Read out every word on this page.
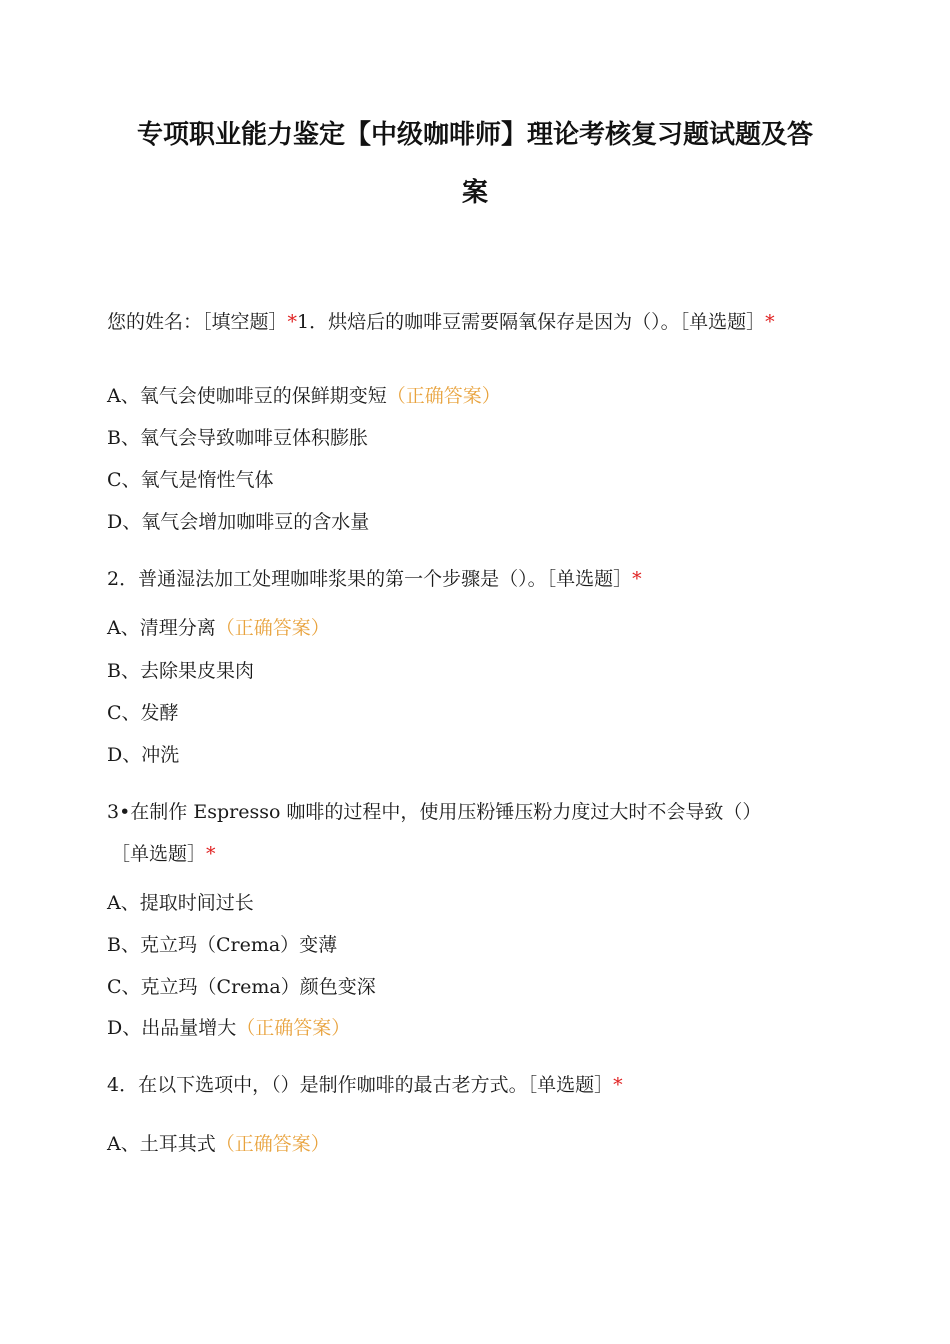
专项职业能力鉴定【中级咖啡师】理论考核复习题试题及答
案
您的姓名：［填空题］*1．烘焙后的咖啡豆需要隔氧保存是因为（）。［单选题］*
A、氧气会使咖啡豆的保鲜期变短（正确答案）
B、氧气会导致咖啡豆体积膨胀
C、氧气是惰性气体
D、氧气会增加咖啡豆的含水量
2．普通湿法加工处理咖啡浆果的第一个步骤是（）。［单选题］*
A、清理分离（正确答案）
B、去除果皮果肉
C、发酵
D、冲洗
3•在制作 Espresso 咖啡的过程中，使用压粉锤压粉力度过大时不会导致（）
［单选题］*
A、提取时间过长
B、克立玛（Crema）变薄
C、克立玛（Crema）颜色变深
D、出品量增大（正确答案）
4．在以下选项中，（）是制作咖啡的最古老方式。［单选题］*
A、土耳其式（正确答案）
